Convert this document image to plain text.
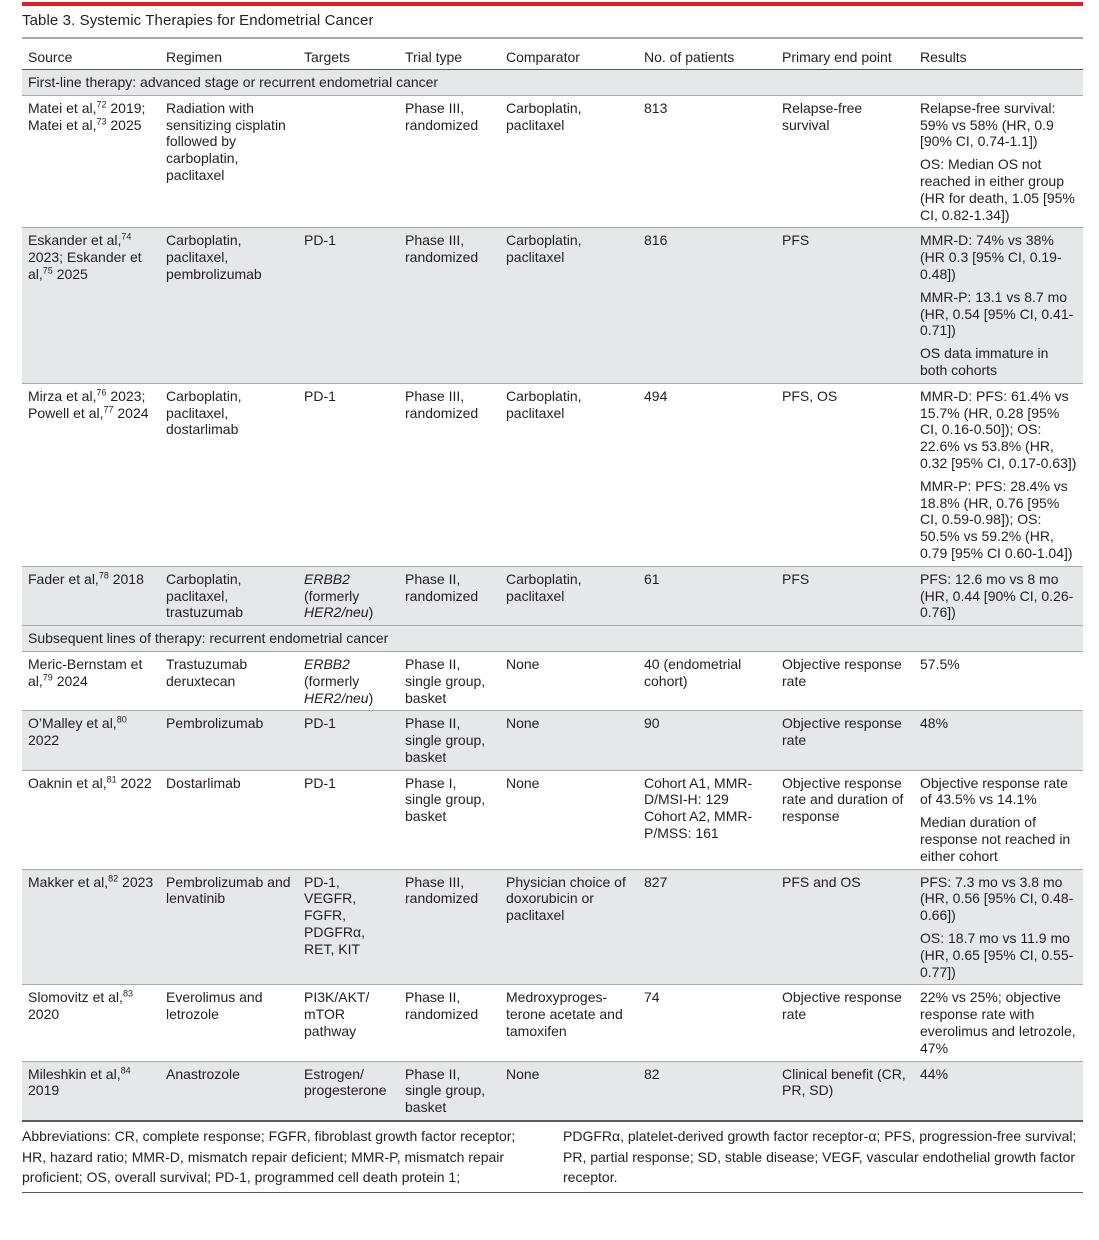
Table 3. Systemic Therapies for Endometrial Cancer
Source	Regimen	Targets	Trial type	Comparator	No. of patients	Primary end point	Results
First-line therapy: advanced stage or recurrent endometrial cancer							
Matei et al,$^{72}$ 2019; Matei et al,$^{73}$ 2025	Radiation with sensitizing cisplatin followed by carboplatin, paclitaxel		Phase III, randomized	Carboplatin, paclitaxel	813	Relapse-free survival	Relapse-free survival: 59% vs 58% (HR, 0.9 [90% CI, 0.74-1.1])
OS: Median OS not reached in either group (HR for death, 1.05 [95% CI, 0.82-1.34])

Eskander et al,$^{74}$ 2023; Eskander et al,$^{75}$ 2025	Carboplatin, paclitaxel, pembrolizumab	PD-1	Phase III, randomized	Carboplatin, paclitaxel	816	PFS	MMR-D: 74% vs 38% (HR 0.3 [95% CI, 0.19-0.48])
MMR-P: 13.1 vs 8.7 mo (HR, 0.54 [95% CI, 0.41-0.71])
OS data immature in both cohorts

Mirza et al,$^{76}$ 2023; Powell et al,$^{77}$ 2024	Carboplatin, paclitaxel, dostarlimab	PD-1	Phase III, randomized	Carboplatin, paclitaxel	494	PFS, OS	MMR-D: PFS: 61.4% vs 15.7% (HR, 0.28 [95% CI, 0.16-0.50]); OS: 22.6% vs 53.8% (HR, 0.32 [95% CI, 0.17-0.63])
MMR-P: PFS: 28.4% vs 18.8% (HR, 0.76 [95% CI, 0.59-0.98]); OS: 50.5% vs 59.2% (HR, 0.79 [95% CI 0.60-1.04])

Fader et al,$^{78}$ 2018	Carboplatin, paclitaxel, trastuzumab	ERBB2 (formerly HER2/neu)	Phase II, randomized	Carboplatin, paclitaxel	61	PFS	PFS: 12.6 mo vs 8 mo (HR, 0.44 [90% CI, 0.26-0.76])

Subsequent lines of therapy: recurrent endometrial cancer							
Meric-Bernstam et al,$^{79}$ 2024	Trastuzumab deruxtecan	ERBB2 (formerly HER2/neu)	Phase II, single group, basket	None	40 (endometrial cohort)	Objective response rate	57.5%

O’Malley et al,$^{80}$ 2022	Pembrolizumab	PD-1	Phase II, single group, basket	None	90	Objective response rate	48%

Oaknin et al,$^{81}$ 2022	Dostarlimab	PD-1	Phase I, single group, basket	None	Cohort A1, MMR-D/MSI-H: 129 Cohort A2, MMR-P/MSS: 161	Objective response rate and duration of response	Objective response rate of 43.5% vs 14.1%
Median duration of response not reached in either cohort

Makker et al,$^{82}$ 2023	Pembrolizumab and lenvatinib	PD-1, VEGFR, FGFR, PDGFRα, RET, KIT	Phase III, randomized	Physician choice of doxorubicin or paclitaxel	827	PFS and OS	PFS: 7.3 mo vs 3.8 mo (HR, 0.56 [95% CI, 0.48-0.66])
OS: 18.7 mo vs 11.9 mo (HR, 0.65 [95% CI, 0.55-0.77])

Slomovitz et al,$^{83}$ 2020	Everolimus and letrozole	PI3K/AKT/ mTOR pathway	Phase II, randomized	Medroxyproges-terone acetate and tamoxifen	74	Objective response rate	22% vs 25%; objective response rate with everolimus and letrozole, 47%

Mileshkin et al,$^{84}$ 2019	Anastrozole	Estrogen/ progesterone	Phase II, single group, basket	None	82	Clinical benefit (CR, PR, SD)	44%
Abbreviations: CR, complete response; FGFR, fibroblast growth factor receptor; HR, hazard ratio; MMR-D, mismatch repair deficient; MMR-P, mismatch repair proficient; OS, overall survival; PD-1, programmed cell death protein 1;
PDGFRα, platelet-derived growth factor receptor-α; PFS, progression-free survival; PR, partial response; SD, stable disease; VEGF, vascular endothelial growth factor receptor.
